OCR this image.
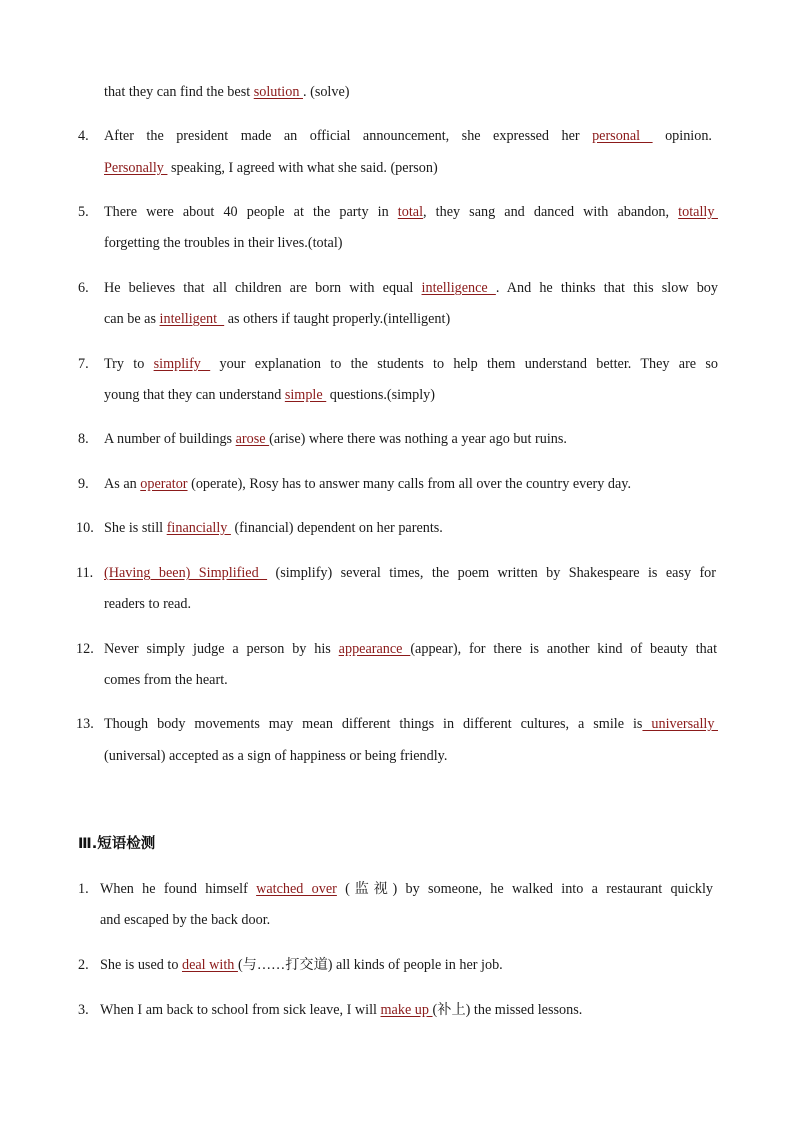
that they can find the best solution . (solve)
4. After the president made an official announcement, she expressed her personal  opinion.
Personally  speaking, I agreed with what she said. (person)
5. There were about 40 people at the party in total, they sang and danced with abandon, totally
forgetting the troubles in their lives.(total)
6. He believes that all children are born with equal intelligence . And he thinks that this slow boy
can be as intelligent   as others if taught properly.(intelligent)
7. Try to simplify  your explanation to the students to help them understand better. They are so
young that they can understand simple  questions.(simply)
8. A number of buildings arose (arise) where there was nothing a year ago but ruins.
9. As an operator (operate), Rosy has to answer many calls from all over the country every day.
10. She is still financially  (financial) dependent on her parents.
11. (Having been) Simplified  (simplify) several times, the poem written by Shakespeare is easy for
readers to read.
12. Never simply judge a person by his appearance (appear), for there is another kind of beauty that
comes from the heart.
13. Though body movements may mean different things in different cultures, a smile is universally
(universal) accepted as a sign of happiness or being friendly.
Ⅲ.短语检测
1. When he found himself watched over (监视) by someone, he walked into a restaurant quickly
and escaped by the back door.
2. She is used to deal with (与……打交道) all kinds of people in her job.
3. When I am back to school from sick leave, I will make up (补上) the missed lessons.
